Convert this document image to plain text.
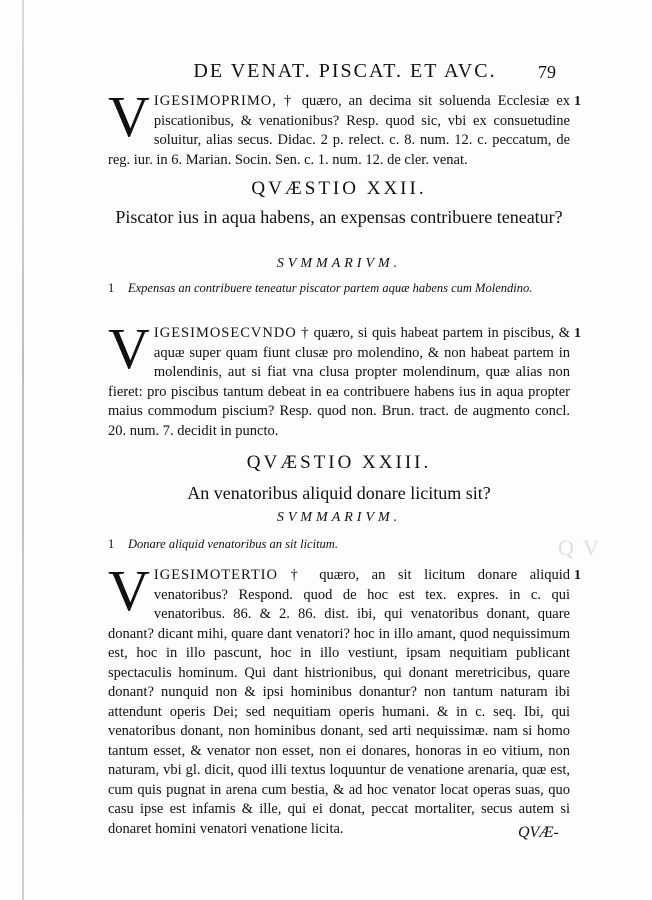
Q V
DE VENAT. PISCAT. ET AVC.	79
V IGESIMOPRIMO, † quæro, an decima sit soluenda Ecclesiæ ex piscationibus, & venationibus? Resp. quod sic, vbi ex consuetudine soluitur, alias secus. Didac. 2 p. relect. c. 8. num. 12. c. peccatum, de reg. iur. in 6. Marian. Socin. Sen. c. 1. num. 12. de cler. venat.
1
QVÆSTIO XXII.
Piscator ius in aqua habens, an expensas contribuere teneatur?
SVMMARIVM.
1 Expensas an contribuere teneatur piscator partem aquæ habens cum Molendino.
V IGESIMOSECVNDO † quæro, si quis habeat partem in piscibus, & aquæ super quam fiunt clusæ pro molendino, & non habeat partem in molendinis, aut si fiat vna clusa propter molendinum, quæ alias non fieret: pro piscibus tantum debeat in ea contribuere habens ius in aqua propter maius commodum piscium? Resp. quod non. Brun. tract. de augmento concl. 20. num. 7. decidit in puncto.
1
QVÆSTIO XXIII.
An venatoribus aliquid donare licitum sit?
SVMMARIVM.
1 Donare aliquid venatoribus an sit licitum.
V IGESIMOTERTIO † quæro, an sit licitum donare aliquid venatoribus? Respond. quod de hoc est tex. expres. in c. qui venatoribus. 86. & 2. 86. dist. ibi, qui venatoribus donant, quare donant? dicant mihi, quare dant venatori? hoc in illo amant, quod nequissimum est, hoc in illo pascunt, hoc in illo vestiunt, ipsam nequitiam publicant spectaculis hominum. Qui dant histrionibus, qui donant meretricibus, quare donant? nunquid non & ipsi hominibus donantur? non tantum naturam ibi attendunt operis Dei; sed nequitiam operis humani. & in c. seq. Ibi, qui venatoribus donant, non hominibus donant, sed arti nequissimæ. nam si homo tantum esset, & venator non esset, non ei donares, honoras in eo vitium, non naturam, vbi gl. dicit, quod illi textus loquuntur de venatione arenaria, quæ est, cum quis pugnat in arena cum bestia, & ad hoc venator locat operas suas, quo casu ipse est infamis & ille, qui ei donat, peccat mortaliter, secus autem si donaret homini venatori venatione licita.
1
QVÆ-
